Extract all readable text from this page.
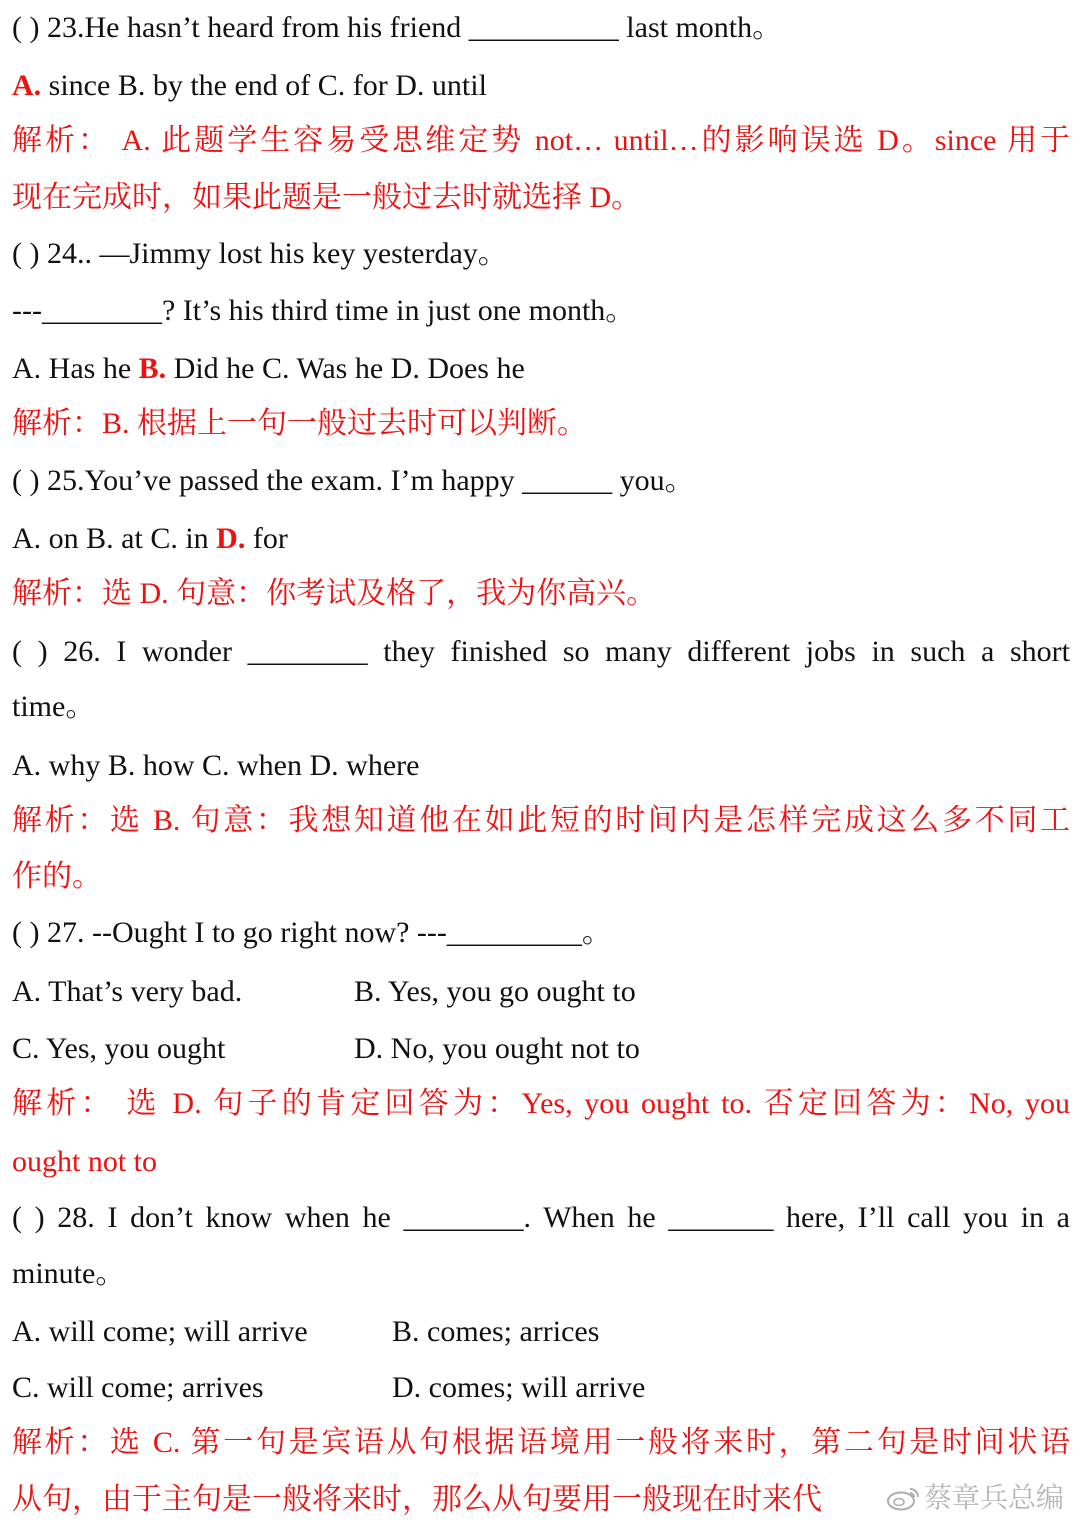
( ) 23.He hasn’t heard from his friend __________ last month。
A. since B. by the end of C. for D. until
解析： A. 此题学生容易受思维定势 not… until…的影响误选 D。since 用于
现在完成时，如果此题是一般过去时就选择 D。
( ) 24.. —Jimmy lost his key yesterday。
---________? It’s his third time in just one month。
A. Has he B. Did he C. Was he D. Does he
解析：B. 根据上一句一般过去时可以判断。
( ) 25.You’ve passed the exam. I’m happy ______ you。
A. on B. at C. in D. for
解析：选 D. 句意：你考试及格了，我为你高兴。
( ) 26. I wonder ________ they finished so many different jobs in such a short
time。
A. why B. how C. when D. where
解析：选 B. 句意：我想知道他在如此短的时间内是怎样完成这么多不同工
作的。
( ) 27. --Ought I to go right now? ---_________。
A. That’s very bad.	B. Yes, you go ought to
C. Yes, you ought	D. No, you ought not to
解析： 选 D. 句子的肯定回答为：Yes, you ought to. 否定回答为：No, you
ought not to
( ) 28. I don’t know when he ________. When he _______ here, I’ll call you in a
minute。
A. will come; will arrive	B. comes; arrices
C. will come; arrives	D. comes; will arrive
解析：选 C. 第一句是宾语从句根据语境用一般将来时，第二句是时间状语
从句，由于主句是一般将来时，那么从句要用一般现在时来代	蔡章兵总编
